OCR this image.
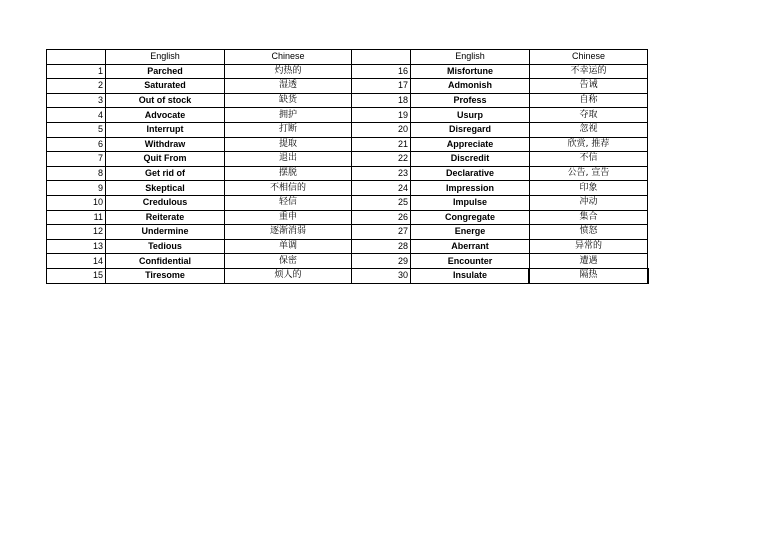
	English	Chinese		English	Chinese
1	Parched	灼热的	16	Misfortune	不幸运的
2	Saturated	湿透	17	Admonish	告诫
3	Out of stock	缺货	18	Profess	自称
4	Advocate	拥护	19	Usurp	夺取
5	Interrupt	打断	20	Disregard	忽视
6	Withdraw	提取	21	Appreciate	欣赏, 推荐
7	Quit From	退出	22	Discredit	不信
8	Get rid of	摆脱	23	Declarative	公告, 宣告
9	Skeptical	不相信的	24	Impression	印象
10	Credulous	轻信	25	Impulse	冲动
11	Reiterate	重申	26	Congregate	集合
12	Undermine	逐渐消弱	27	Energe	愤怒
13	Tedious	单调	28	Aberrant	异常的
14	Confidential	保密	29	Encounter	遭遇
15	Tiresome	烦人的	30	Insulate	隔热
